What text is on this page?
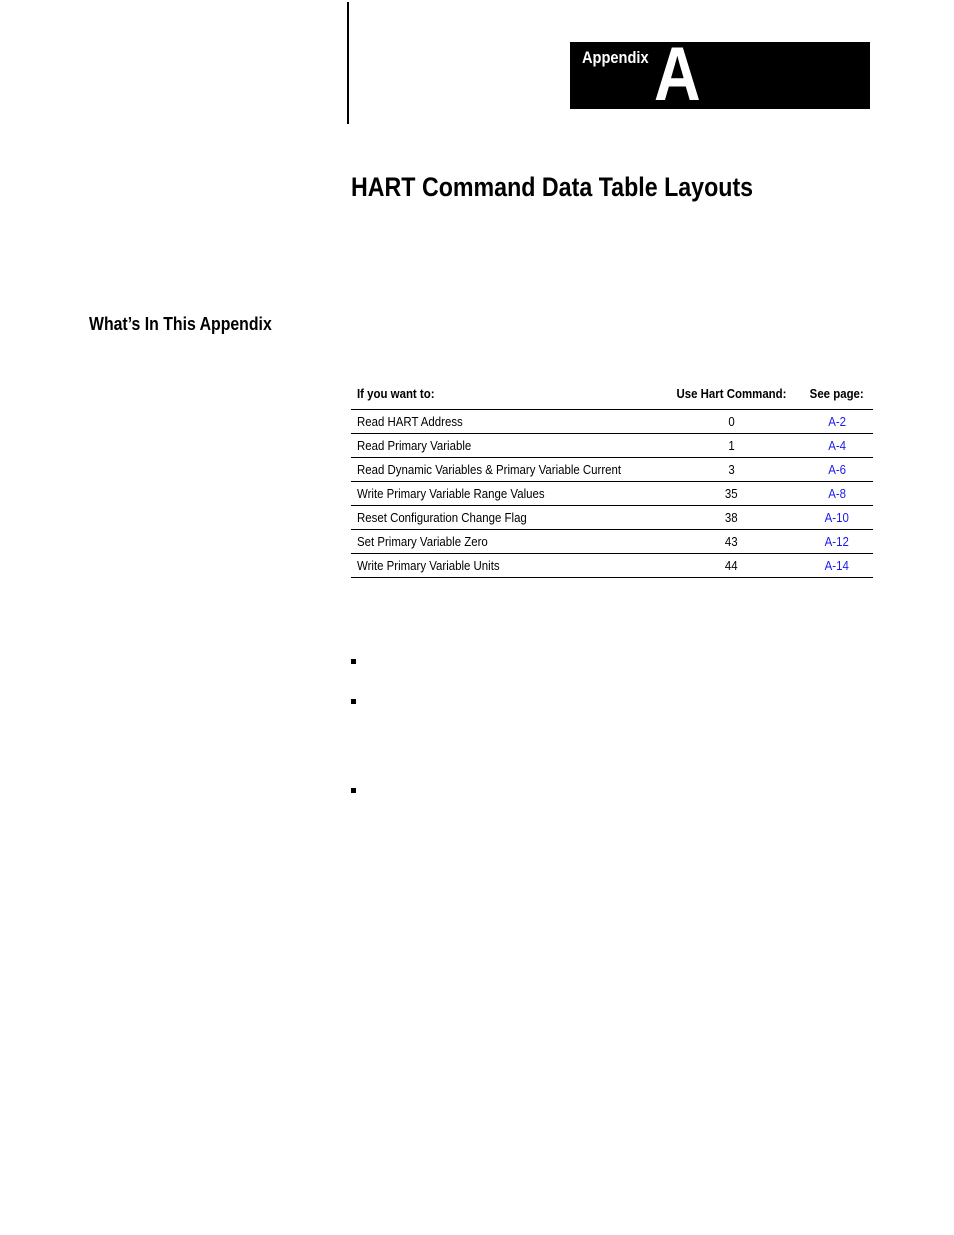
Appendix A
HART Command Data Table Layouts
What’s In This Appendix
If you want to:	Use Hart Command:	See page:
Read HART Address	0	A-2
Read Primary Variable	1	A-4
Read Dynamic Variables & Primary Variable Current	3	A-6
Write Primary Variable Range Values	35	A-8
Reset Configuration Change Flag	38	A-10
Set Primary Variable Zero	43	A-12
Write Primary Variable Units	44	A-14
